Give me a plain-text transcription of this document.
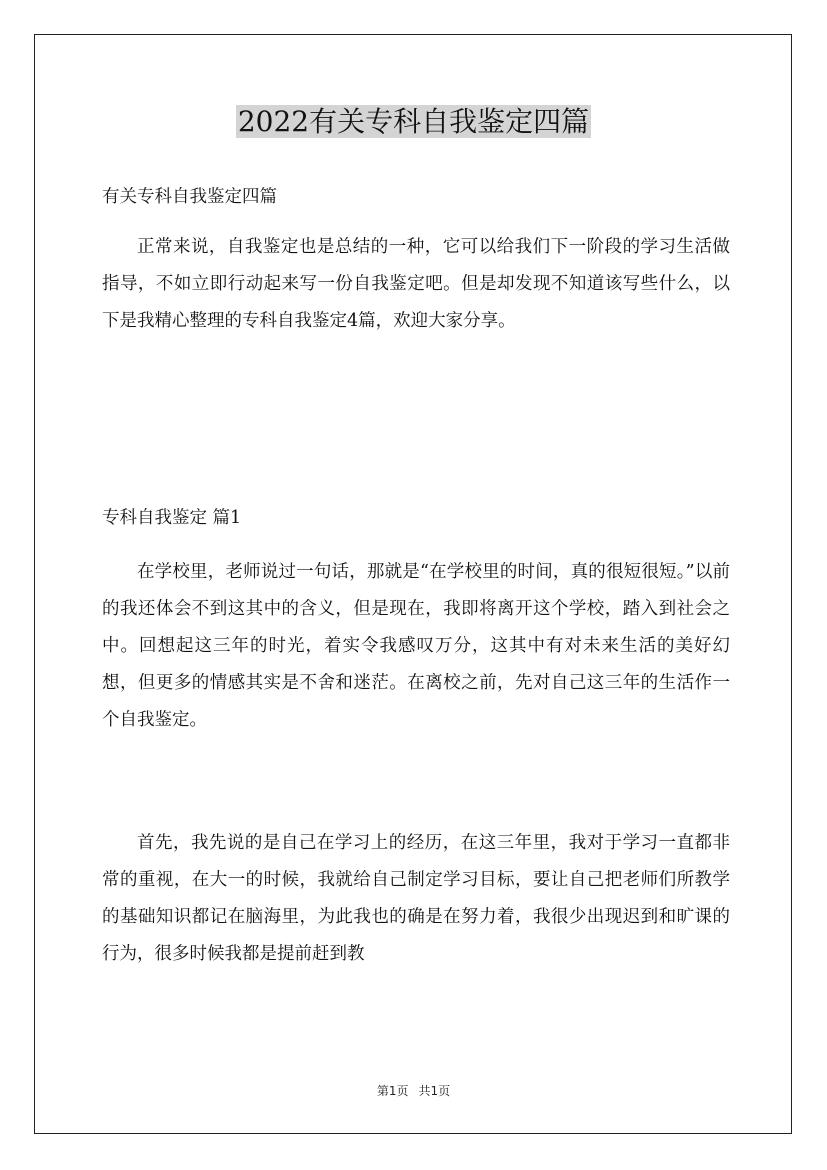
2022有关专科自我鉴定四篇
有关专科自我鉴定四篇
正常来说，自我鉴定也是总结的一种，它可以给我们下一阶段的学习生活做指导，不如立即行动起来写一份自我鉴定吧。但是却发现不知道该写些什么，以下是我精心整理的专科自我鉴定4篇，欢迎大家分享。
专科自我鉴定 篇1
在学校里，老师说过一句话，那就是“在学校里的时间，真的很短很短。”以前的我还体会不到这其中的含义，但是现在，我即将离开这个学校，踏入到社会之中。回想起这三年的时光，着实令我感叹万分，这其中有对未来生活的美好幻想，但更多的情感其实是不舍和迷茫。在离校之前，先对自己这三年的生活作一个自我鉴定。
首先，我先说的是自己在学习上的经历，在这三年里，我对于学习一直都非常的重视，在大一的时候，我就给自己制定学习目标，要让自己把老师们所教学的基础知识都记在脑海里，为此我也的确是在努力着，我很少出现迟到和旷课的行为，很多时候我都是提前赶到教
第1页 共1页
